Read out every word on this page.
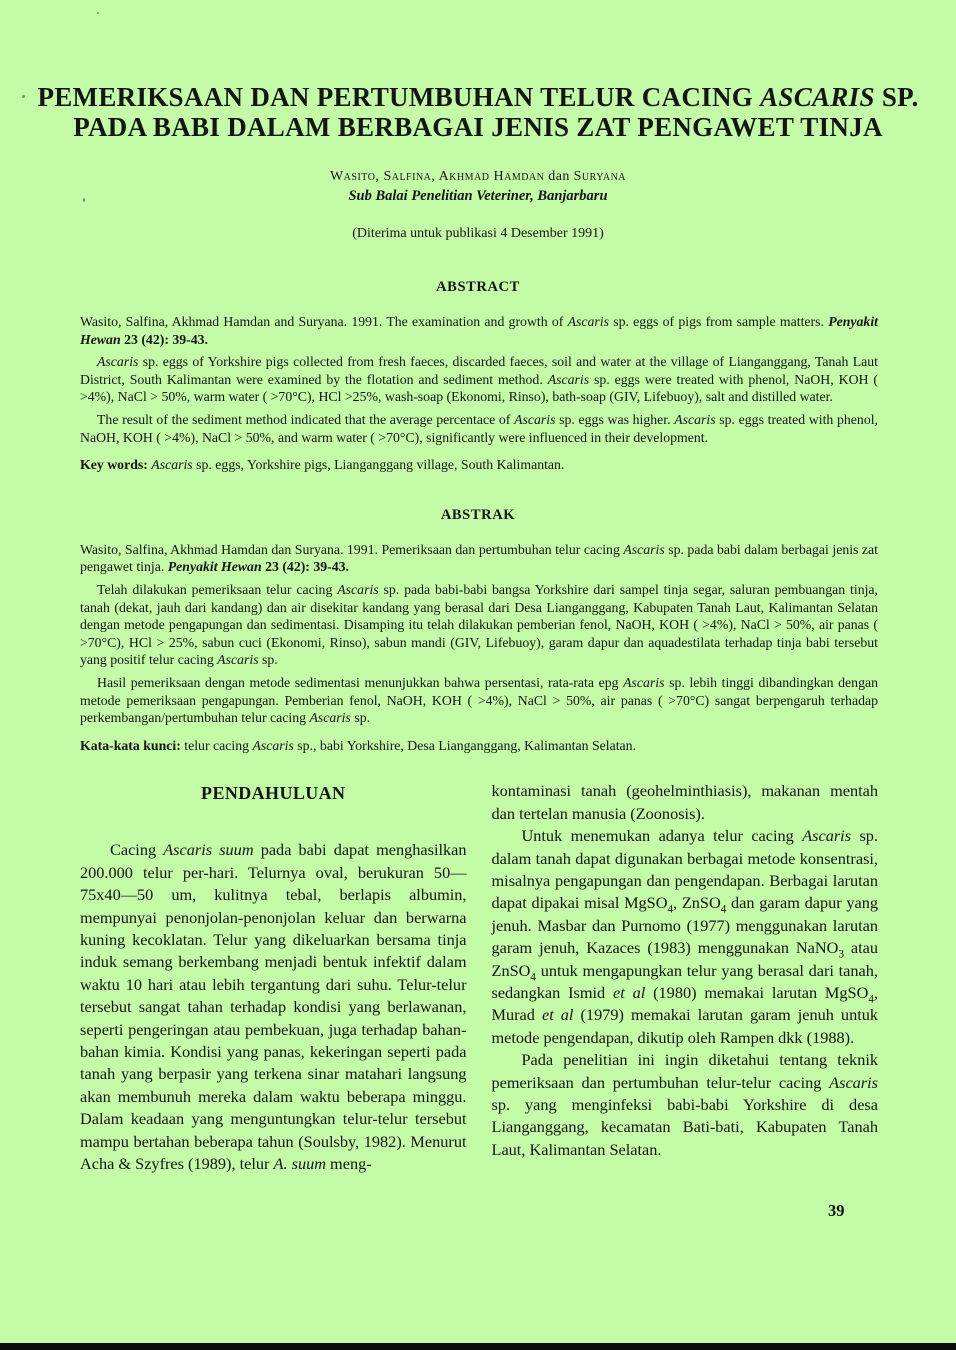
PEMERIKSAAN DAN PERTUMBUHAN TELUR CACING ASCARIS SP.
PADA BABI DALAM BERBAGAI JENIS ZAT PENGAWET TINJA

Wasito, Salfina, Akhmad Hamdan dan Suryana

Sub Balai Penelitian Veteriner, Banjarbaru

(Diterima untuk publikasi 4 Desember 1991)

ABSTRACT

Wasito, Salfina, Akhmad Hamdan and Suryana. 1991. The examination and growth of Ascaris sp. eggs of pigs from sample matters. Penyakit Hewan 23 (42): 39-43.

Ascaris sp. eggs of Yorkshire pigs collected from fresh faeces, discarded faeces, soil and water at the village of Lianganggang, Tanah Laut District, South Kalimantan were examined by the flotation and sediment method. Ascaris sp. eggs were treated with phenol, NaOH, KOH ( >4%), NaCl > 50%, warm water ( >70°C), HCl >25%, wash-soap (Ekonomi, Rinso), bath-soap (GIV, Lifebuoy), salt and distilled water.

The result of the sediment method indicated that the average percentace of Ascaris sp. eggs was higher. Ascaris sp. eggs treated with phenol, NaOH, KOH ( >4%), NaCl > 50%, and warm water ( >70°C), significantly were influenced in their development.

Key words: Ascaris sp. eggs, Yorkshire pigs, Lianganggang village, South Kalimantan.

ABSTRAK

Wasito, Salfina, Akhmad Hamdan dan Suryana. 1991. Pemeriksaan dan pertumbuhan telur cacing Ascaris sp. pada babi dalam berbagai jenis zat pengawet tinja. Penyakit Hewan 23 (42): 39-43.

Telah dilakukan pemeriksaan telur cacing Ascaris sp. pada babi-babi bangsa Yorkshire dari sampel tinja segar, saluran pembuangan tinja, tanah (dekat, jauh dari kandang) dan air disekitar kandang yang berasal dari Desa Lianganggang, Kabupaten Tanah Laut, Kalimantan Selatan dengan metode pengapungan dan sedimentasi. Disamping itu telah dilakukan pemberian fenol, NaOH, KOH ( >4%), NaCl > 50%, air panas ( >70°C), HCl > 25%, sabun cuci (Ekonomi, Rinso), sabun mandi (GIV, Lifebuoy), garam dapur dan aquadestilata terhadap tinja babi tersebut yang positif telur cacing Ascaris sp.

Hasil pemeriksaan dengan metode sedimentasi menunjukkan bahwa persentasi, rata-rata epg Ascaris sp. lebih tinggi dibandingkan dengan metode pemeriksaan pengapungan. Pemberian fenol, NaOH, KOH ( >4%), NaCl > 50%, air panas ( >70°C) sangat berpengaruh terhadap perkembangan/pertumbuhan telur cacing Ascaris sp.

Kata-kata kunci: telur cacing Ascaris sp., babi Yorkshire, Desa Lianganggang, Kalimantan Selatan.

PENDAHULUAN

Cacing Ascaris suum pada babi dapat menghasilkan 200.000 telur per-hari. Telurnya oval, berukuran 50—75x40—50 um, kulitnya tebal, berlapis albumin, mempunyai penonjolan-penonjolan keluar dan berwarna kuning kecoklatan. Telur yang dikeluarkan bersama tinja induk semang berkembang menjadi bentuk infektif dalam waktu 10 hari atau lebih tergantung dari suhu. Telur-telur tersebut sangat tahan terhadap kondisi yang berlawanan, seperti pengeringan atau pembekuan, juga terhadap bahan-bahan kimia. Kondisi yang panas, kekeringan seperti pada tanah yang berpasir yang terkena sinar matahari langsung akan membunuh mereka dalam waktu beberapa minggu. Dalam keadaan yang menguntungkan telur-telur tersebut mampu bertahan beberapa tahun (Soulsby, 1982). Menurut Acha & Szyfres (1989), telur A. suum meng-

kontaminasi tanah (geohelminthiasis), makanan mentah dan tertelan manusia (Zoonosis).

Untuk menemukan adanya telur cacing Ascaris sp. dalam tanah dapat digunakan berbagai metode konsentrasi, misalnya pengapungan dan pengendapan. Berbagai larutan dapat dipakai misal MgSO$_4$, ZnSO$_4$ dan garam dapur yang jenuh. Masbar dan Purnomo (1977) menggunakan larutan garam jenuh, Kazaces (1983) menggunakan NaNO$_3$ atau ZnSO$_4$ untuk mengapungkan telur yang berasal dari tanah, sedangkan Ismid et al (1980) memakai larutan MgSO$_4$, Murad et al (1979) memakai larutan garam jenuh untuk metode pengendapan, dikutip oleh Rampen dkk (1988).

Pada penelitian ini ingin diketahui tentang teknik pemeriksaan dan pertumbuhan telur-telur cacing Ascaris sp. yang menginfeksi babi-babi Yorkshire di desa Lianganggang, kecamatan Bati-bati, Kabupaten Tanah Laut, Kalimantan Selatan.

39
